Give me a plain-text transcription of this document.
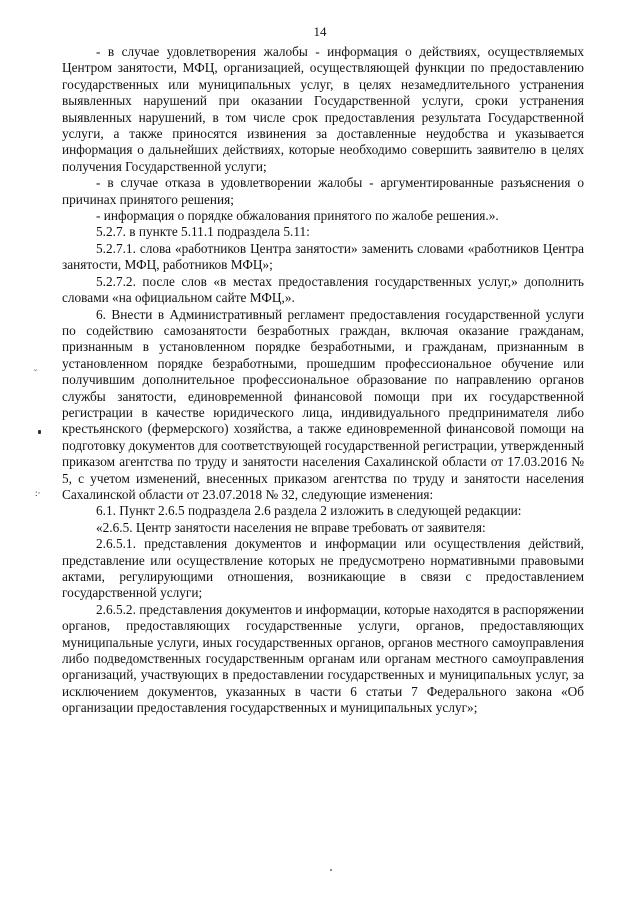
14
˘
:·

- в случае удовлетворения жалобы - информация о действиях, осуществляемых Центром занятости, МФЦ, организацией, осуществляющей функции по предоставлению государственных или муниципальных услуг, в целях незамедлительного устранения выявленных нарушений при оказании Государственной услуги, сроки устранения выявленных нарушений, в том числе срок предоставления результата Государственной услуги, а также приносятся извинения за доставленные неудобства и указывается информация о дальнейших действиях, которые необходимо совершить заявителю в целях получения Государственной услуги;

- в случае отказа в удовлетворении жалобы - аргументированные разъяснения о причинах принятого решения;

- информация о порядке обжалования принятого по жалобе решения.».

5.2.7. в пункте 5.11.1 подраздела 5.11:

5.2.7.1. слова «работников Центра занятости» заменить словами «работников Центра занятости, МФЦ, работников МФЦ»;

5.2.7.2. после слов «в местах предоставления государственных услуг,» дополнить словами «на официальном сайте МФЦ,».

6. Внести в Административный регламент предоставления государственной услуги по содействию самозанятости безработных граждан, включая оказание гражданам, признанным в установленном порядке безработными, и гражданам, признанным в установленном порядке безработными, прошедшим профессиональное обучение или получившим дополнительное профессиональное образование по направлению органов службы занятости, единовременной финансовой помощи при их государственной регистрации в качестве юридического лица, индивидуального предпринимателя либо крестьянского (фермерского) хозяйства, а также единовременной финансовой помощи на подготовку документов для соответствующей государственной регистрации, утвержденный приказом агентства по труду и занятости населения Сахалинской области от 17.03.2016 № 5, с учетом изменений, внесенных приказом агентства по труду и занятости населения Сахалинской области от 23.07.2018 № 32, следующие изменения:

6.1. Пункт 2.6.5 подраздела 2.6 раздела 2 изложить в следующей редакции:

«2.6.5. Центр занятости населения не вправе требовать от заявителя:

2.6.5.1. представления документов и информации или осуществления действий, представление или осуществление которых не предусмотрено нормативными правовыми актами, регулирующими отношения, возникающие в связи с предоставлением государственной услуги;

2.6.5.2. представления документов и информации, которые находятся в распоряжении органов, предоставляющих государственные услуги, органов, предоставляющих муниципальные услуги, иных государственных органов, органов местного самоуправления либо подведомственных государственным органам или органам местного самоуправления организаций, участвующих в предоставлении государственных и муниципальных услуг, за исключением документов, указанных в части 6 статьи 7 Федерального закона «Об организации предоставления государственных и муниципальных услуг»;
